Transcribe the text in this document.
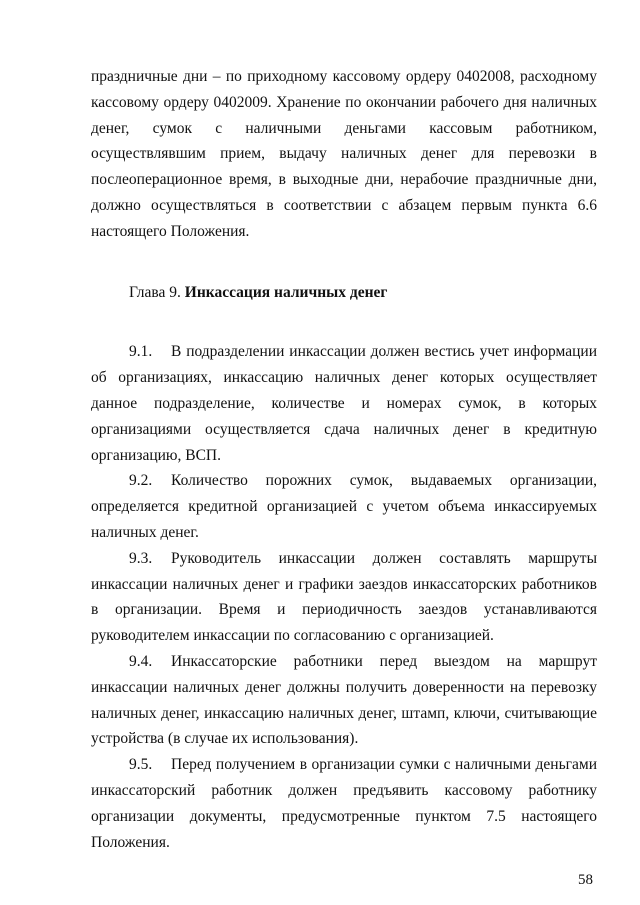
праздничные дни – по приходному кассовому ордеру 0402008, расходному кассовому ордеру 0402009. Хранение по окончании рабочего дня наличных денег, сумок с наличными деньгами кассовым работником, осуществлявшим прием, выдачу наличных денег для перевозки в послеоперационное время, в выходные дни, нерабочие праздничные дни, должно осуществляться в соответствии с абзацем первым пункта 6.6 настоящего Положения.

Глава 9. Инкассация наличных денег

9.1. В подразделении инкассации должен вестись учет информации об организациях, инкассацию наличных денег которых осуществляет данное подразделение, количестве и номерах сумок, в которых организациями осуществляется сдача наличных денег в кредитную организацию, ВСП.

9.2. Количество порожних сумок, выдаваемых организации, определяется кредитной организацией с учетом объема инкассируемых наличных денег.

9.3. Руководитель инкассации должен составлять маршруты инкассации наличных денег и графики заездов инкассаторских работников в организации. Время и периодичность заездов устанавливаются руководителем инкассации по согласованию с организацией.

9.4. Инкассаторские работники перед выездом на маршрут инкассации наличных денег должны получить доверенности на перевозку наличных денег, инкассацию наличных денег, штамп, ключи, считывающие устройства (в случае их использования).

9.5. Перед получением в организации сумки с наличными деньгами инкассаторский работник должен предъявить кассовому работнику организации документы, предусмотренные пунктом 7.5 настоящего Положения.

58
